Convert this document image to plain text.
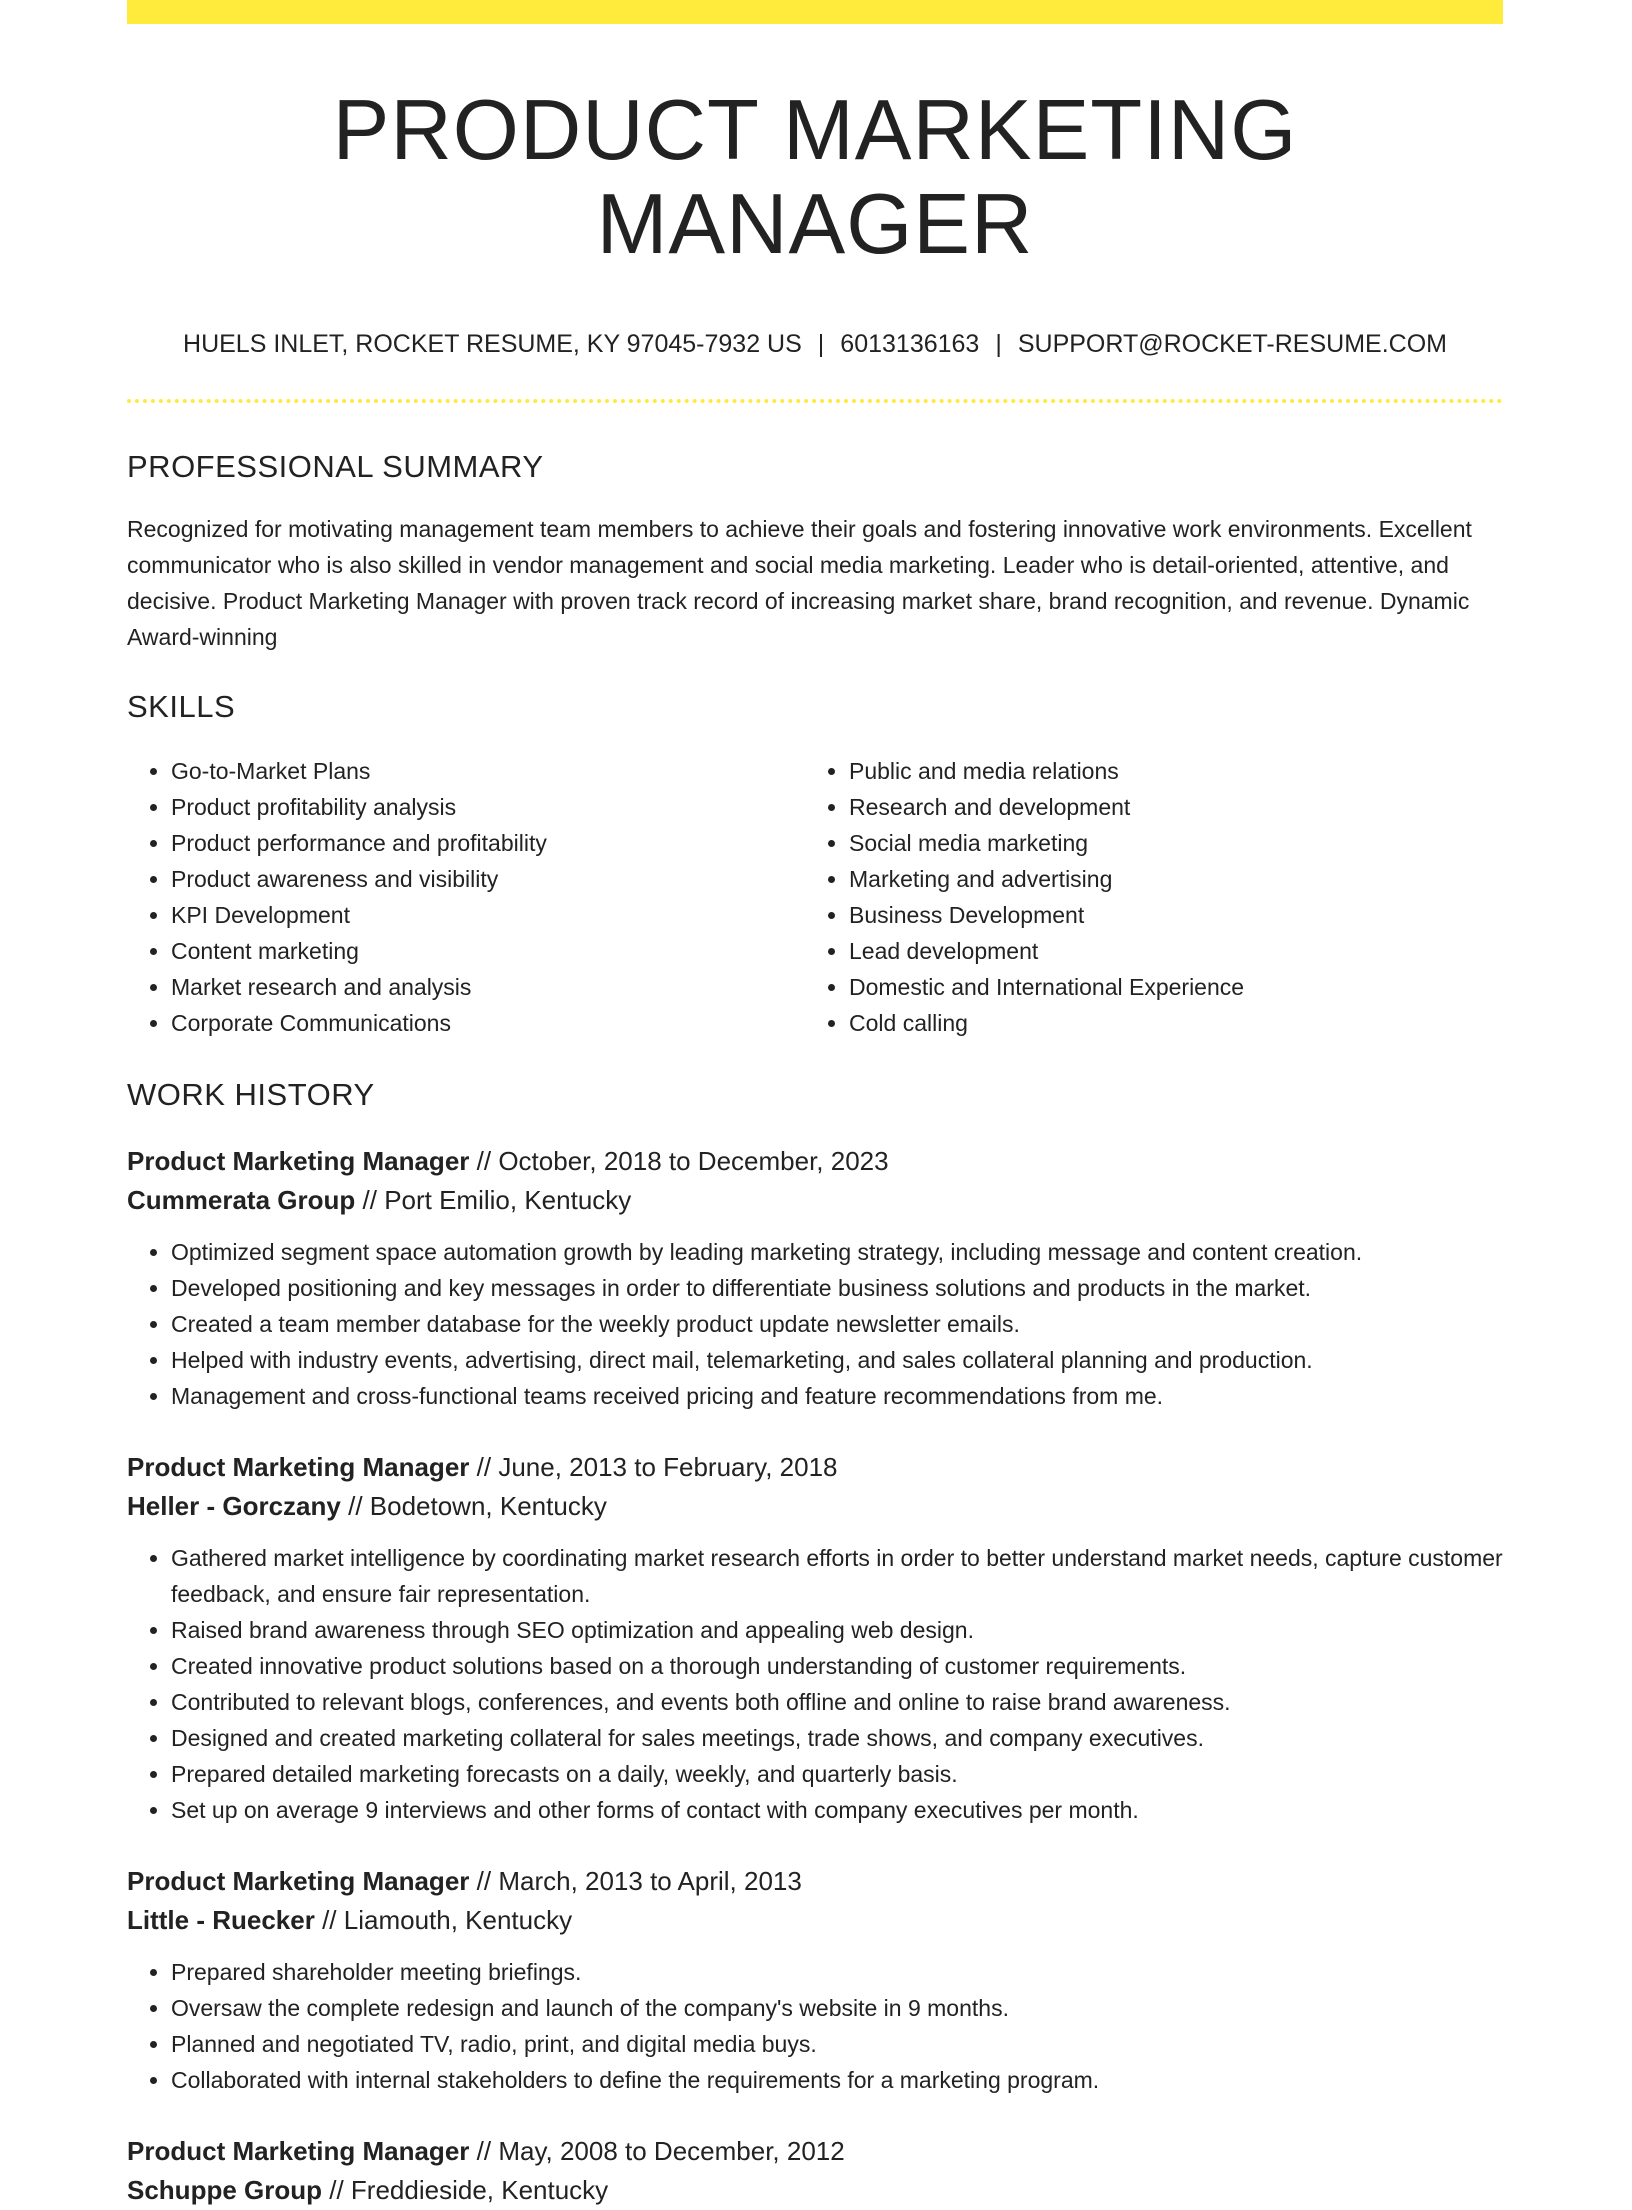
PRODUCT MARKETING MANAGER
HUELS INLET, ROCKET RESUME, KY 97045-7932 US | 6013136163 | SUPPORT@ROCKET-RESUME.COM
PROFESSIONAL SUMMARY

Recognized for motivating management team members to achieve their goals and fostering innovative work environments. Excellent communicator who is also skilled in vendor management and social media marketing. Leader who is detail-oriented, attentive, and decisive. Product Marketing Manager with proven track record of increasing market share, brand recognition, and revenue. Dynamic Award-winning

SKILLS
• Go-to-Market Plans
• Product profitability analysis
• Product performance and profitability
• Product awareness and visibility
• KPI Development
• Content marketing
• Market research and analysis
• Corporate Communications
• Public and media relations
• Research and development
• Social media marketing
• Marketing and advertising
• Business Development
• Lead development
• Domestic and International Experience
• Cold calling
WORK HISTORY
Product Marketing Manager // October, 2018 to December, 2023
Cummerata Group // Port Emilio, Kentucky
• Optimized segment space automation growth by leading marketing strategy, including message and content creation.
• Developed positioning and key messages in order to differentiate business solutions and products in the market.
• Created a team member database for the weekly product update newsletter emails.
• Helped with industry events, advertising, direct mail, telemarketing, and sales collateral planning and production.
• Management and cross-functional teams received pricing and feature recommendations from me.
Product Marketing Manager // June, 2013 to February, 2018
Heller - Gorczany // Bodetown, Kentucky
• Gathered market intelligence by coordinating market research efforts in order to better understand market needs, capture customer feedback, and ensure fair representation.
• Raised brand awareness through SEO optimization and appealing web design.
• Created innovative product solutions based on a thorough understanding of customer requirements.
• Contributed to relevant blogs, conferences, and events both offline and online to raise brand awareness.
• Designed and created marketing collateral for sales meetings, trade shows, and company executives.
• Prepared detailed marketing forecasts on a daily, weekly, and quarterly basis.
• Set up on average 9 interviews and other forms of contact with company executives per month.
Product Marketing Manager // March, 2013 to April, 2013
Little - Ruecker // Liamouth, Kentucky
• Prepared shareholder meeting briefings.
• Oversaw the complete redesign and launch of the company's website in 9 months.
• Planned and negotiated TV, radio, print, and digital media buys.
• Collaborated with internal stakeholders to define the requirements for a marketing program.
Product Marketing Manager // May, 2008 to December, 2012
Schuppe Group // Freddieside, Kentucky
